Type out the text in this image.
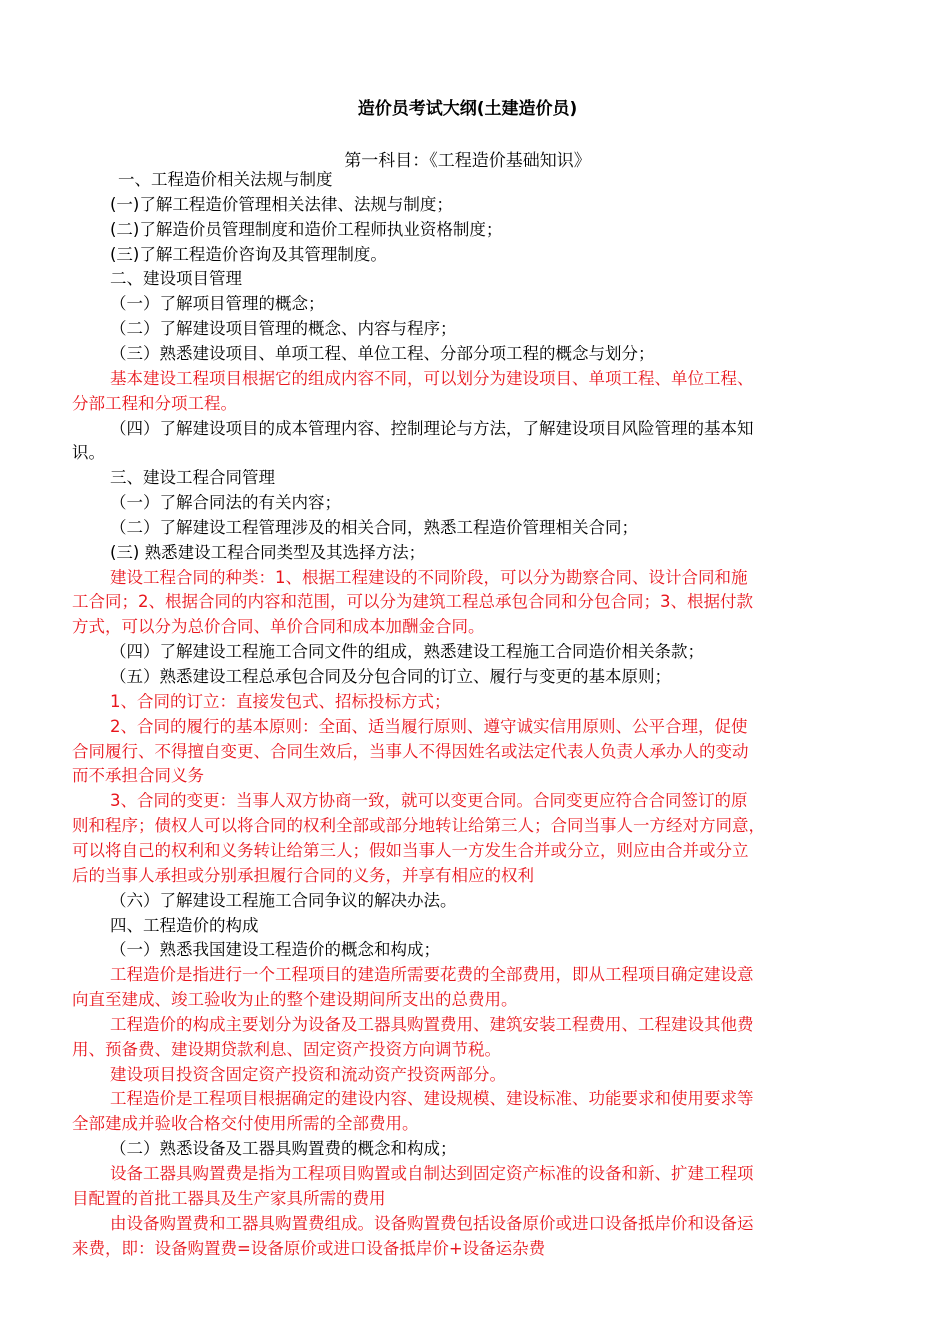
造价员考试大纲(土建造价员)
第一科目：《工程造价基础知识》
一、工程造价相关法规与制度
(一)了解工程造价管理相关法律、法规与制度；
(二)了解造价员管理制度和造价工程师执业资格制度；
(三)了解工程造价咨询及其管理制度。
二、建设项目管理
（一）了解项目管理的概念；
（二）了解建设项目管理的概念、内容与程序；
（三）熟悉建设项目、单项工程、单位工程、分部分项工程的概念与划分；
基本建设工程项目根据它的组成内容不同，可以划分为建设项目、单项工程、单位工程、
分部工程和分项工程。
（四）了解建设项目的成本管理内容、控制理论与方法，了解建设项目风险管理的基本知
识。
三、建设工程合同管理
（一）了解合同法的有关内容；
（二）了解建设工程管理涉及的相关合同，熟悉工程造价管理相关合同；
(三) 熟悉建设工程合同类型及其选择方法；
建设工程合同的种类：1、根据工程建设的不同阶段，可以分为勘察合同、设计合同和施
工合同；2、根据合同的内容和范围，可以分为建筑工程总承包合同和分包合同；3、根据付款
方式，可以分为总价合同、单价合同和成本加酬金合同。
（四）了解建设工程施工合同文件的组成，熟悉建设工程施工合同造价相关条款；
（五）熟悉建设工程总承包合同及分包合同的订立、履行与变更的基本原则；
1、合同的订立：直接发包式、招标投标方式；
2、合同的履行的基本原则：全面、适当履行原则、遵守诚实信用原则、公平合理，促使
合同履行、不得擅自变更、合同生效后，当事人不得因姓名或法定代表人负责人承办人的变动
而不承担合同义务
3、合同的变更：当事人双方协商一致，就可以变更合同。合同变更应符合合同签订的原
则和程序；债权人可以将合同的权利全部或部分地转让给第三人；合同当事人一方经对方同意，
可以将自己的权利和义务转让给第三人；假如当事人一方发生合并或分立，则应由合并或分立
后的当事人承担或分别承担履行合同的义务，并享有相应的权利
（六）了解建设工程施工合同争议的解决办法。
四、工程造价的构成
（一）熟悉我国建设工程造价的概念和构成；
工程造价是指进行一个工程项目的建造所需要花费的全部费用，即从工程项目确定建设意
向直至建成、竣工验收为止的整个建设期间所支出的总费用。
工程造价的构成主要划分为设备及工器具购置费用、建筑安装工程费用、工程建设其他费
用、预备费、建设期贷款利息、固定资产投资方向调节税。
建设项目投资含固定资产投资和流动资产投资两部分。
工程造价是工程项目根据确定的建设内容、建设规模、建设标准、功能要求和使用要求等
全部建成并验收合格交付使用所需的全部费用。
（二）熟悉设备及工器具购置费的概念和构成；
设备工器具购置费是指为工程项目购置或自制达到固定资产标准的设备和新、扩建工程项
目配置的首批工器具及生产家具所需的费用
由设备购置费和工器具购置费组成。设备购置费包括设备原价或进口设备抵岸价和设备运
来费，即：设备购置费=设备原价或进口设备抵岸价+设备运杂费
